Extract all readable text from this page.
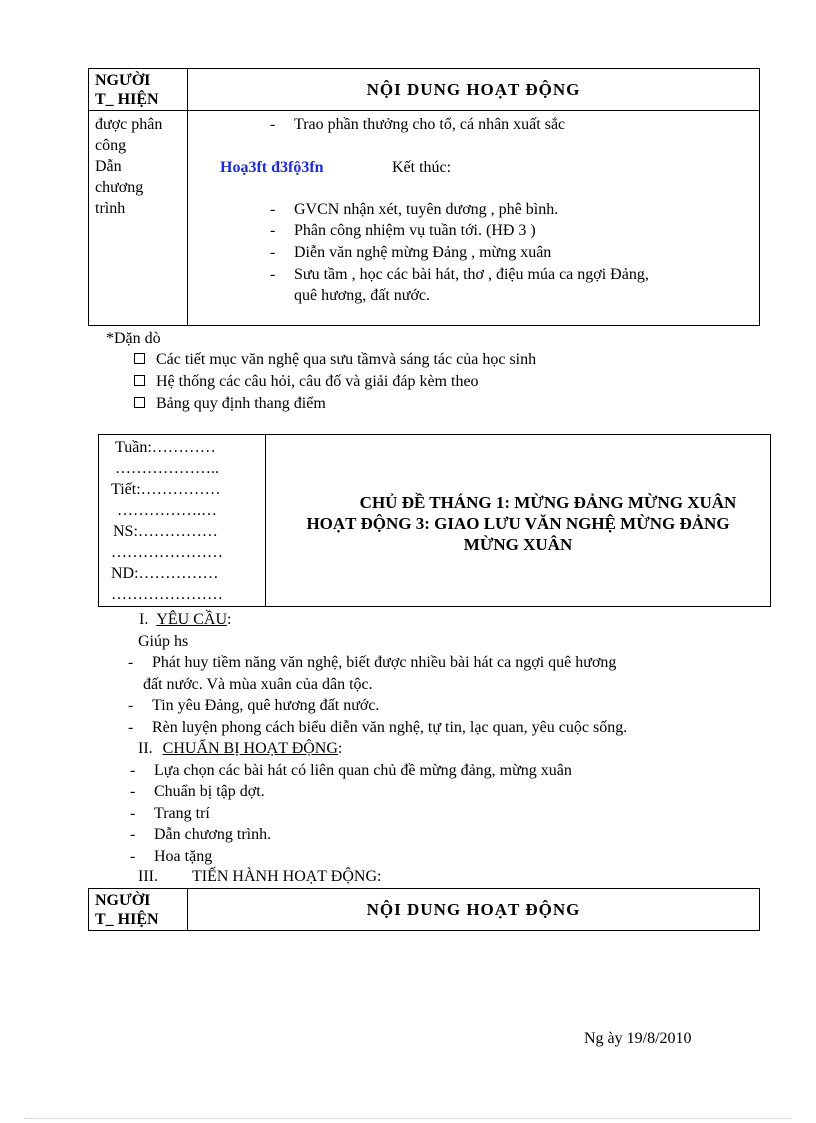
NGƯỜI
T_ HIỆN	NỘI DUNG HOẠT ĐỘNG

được phân
công
Dẫn
chương
trình	

- Trao phần thưởng cho tổ, cá nhân xuất sắc
Hoạ3ft đ3fộ3fn	Kết thúc:
- GVCN nhận xét, tuyên dương , phê bình.
- Phân công nhiệm vụ tuần tới. (HĐ 3 )
- Diễn văn nghệ mừng Đảng , mừng xuân
- Sưu tầm , học các bài hát, thơ , điệu múa ca ngợi Đảng,
quê hương, đất nước.
*Dặn dò
Các tiết mục văn nghệ qua sưu tầmvà sáng tác của học sinh
Hệ thống các câu hỏi, câu đố và giải đáp kèm theo
Bảng quy định thang điểm
Tuần:…………
………………..
Tiết:……………
…………….…
NS:……………
…………………
ND:……………
…………………

CHỦ ĐỀ THÁNG 1: MỪNG ĐẢNG MỪNG XUÂN
HOẠT ĐỘNG 3: GIAO LƯU VĂN NGHỆ MỪNG ĐẢNG
MỪNG XUÂN
I. YÊU CẦU:
Giúp hs
- Phát huy tiềm năng văn nghệ, biết được nhiều bài hát ca ngợi quê hương
đất nước. Và mùa xuân của dân tộc.
- Tin yêu Đảng, quê hương đất nước.
- Rèn luyện phong cách biểu diễn văn nghệ, tự tin, lạc quan, yêu cuộc sống.
II. CHUẨN BỊ HOẠT ĐỘNG:
- Lựa chọn các bài hát có liên quan chủ đề mừng đảng, mừng xuân
- Chuẩn bị tập dợt.
- Trang trí
- Dẫn chương trình.
- Hoa tặng
III. TIẾN HÀNH HOẠT ĐỘNG:
NGƯỜI
T_ HIỆN
	NỘI DUNG HOẠT ĐỘNG
Ng ày 19/8/2010
